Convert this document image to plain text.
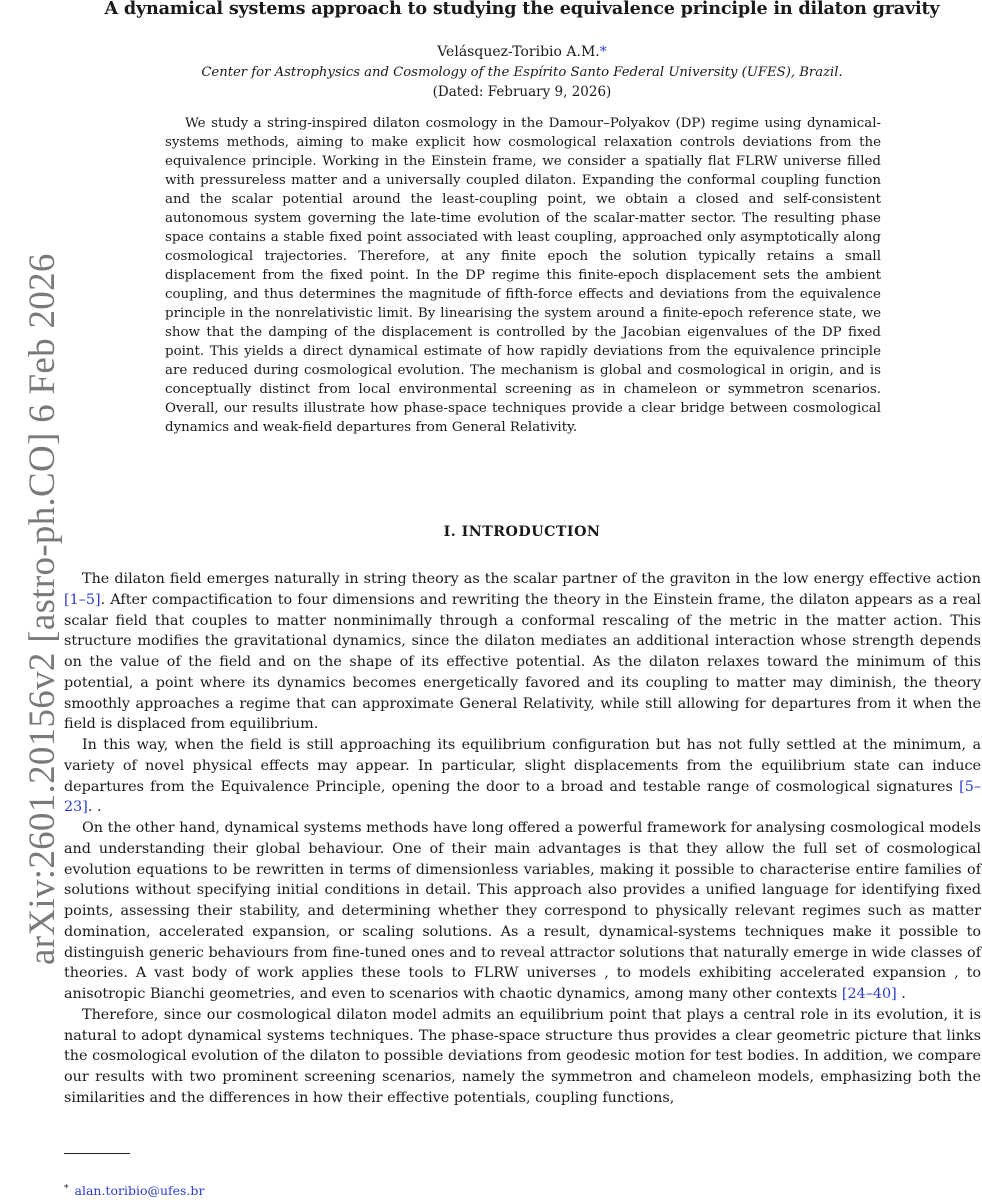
arXiv:2601.20156v2 [astro-ph.CO] 6 Feb 2026
A dynamical systems approach to studying the equivalence principle in dilaton gravity
Velásquez-Toribio A.M.*
Center for Astrophysics and Cosmology of the Espírito Santo Federal University (UFES), Brazil.
(Dated: February 9, 2026)

We study a string-inspired dilaton cosmology in the Damour–Polyakov (DP) regime using dynamical-systems methods, aiming to make explicit how cosmological relaxation controls deviations from the equivalence principle. Working in the Einstein frame, we consider a spatially flat FLRW universe filled with pressureless matter and a universally coupled dilaton. Expanding the conformal coupling function and the scalar potential around the least-coupling point, we obtain a closed and self-consistent autonomous system governing the late-time evolution of the scalar-matter sector. The resulting phase space contains a stable fixed point associated with least coupling, approached only asymptotically along cosmological trajectories. Therefore, at any finite epoch the solution typically retains a small displacement from the fixed point. In the DP regime this finite-epoch displacement sets the ambient coupling, and thus determines the magnitude of fifth-force effects and deviations from the equivalence principle in the nonrelativistic limit. By linearising the system around a finite-epoch reference state, we show that the damping of the displacement is controlled by the Jacobian eigenvalues of the DP fixed point. This yields a direct dynamical estimate of how rapidly deviations from the equivalence principle are reduced during cosmological evolution. The mechanism is global and cosmological in origin, and is conceptually distinct from local environmental screening as in chameleon or symmetron scenarios. Overall, our results illustrate how phase-space techniques provide a clear bridge between cosmological dynamics and weak-field departures from General Relativity.

I. INTRODUCTION

The dilaton field emerges naturally in string theory as the scalar partner of the graviton in the low energy effective action [1–5]. After compactification to four dimensions and rewriting the theory in the Einstein frame, the dilaton appears as a real scalar field that couples to matter nonminimally through a conformal rescaling of the metric in the matter action. This structure modifies the gravitational dynamics, since the dilaton mediates an additional interaction whose strength depends on the value of the field and on the shape of its effective potential. As the dilaton relaxes toward the minimum of this potential, a point where its dynamics becomes energetically favored and its coupling to matter may diminish, the theory smoothly approaches a regime that can approximate General Relativity, while still allowing for departures from it when the field is displaced from equilibrium.

In this way, when the field is still approaching its equilibrium configuration but has not fully settled at the minimum, a variety of novel physical effects may appear. In particular, slight displacements from the equilibrium state can induce departures from the Equivalence Principle, opening the door to a broad and testable range of cosmological signatures [5–23]. .

On the other hand, dynamical systems methods have long offered a powerful framework for analysing cosmological models and understanding their global behaviour. One of their main advantages is that they allow the full set of cosmological evolution equations to be rewritten in terms of dimensionless variables, making it possible to characterise entire families of solutions without specifying initial conditions in detail. This approach also provides a unified language for identifying fixed points, assessing their stability, and determining whether they correspond to physically relevant regimes such as matter domination, accelerated expansion, or scaling solutions. As a result, dynamical-systems techniques make it possible to distinguish generic behaviours from fine-tuned ones and to reveal attractor solutions that naturally emerge in wide classes of theories. A vast body of work applies these tools to FLRW universes , to models exhibiting accelerated expansion , to anisotropic Bianchi geometries, and even to scenarios with chaotic dynamics, among many other contexts [24–40] .

Therefore, since our cosmological dilaton model admits an equilibrium point that plays a central role in its evolution, it is natural to adopt dynamical systems techniques. The phase-space structure thus provides a clear geometric picture that links the cosmological evolution of the dilaton to possible deviations from geodesic motion for test bodies. In addition, we compare our results with two prominent screening scenarios, namely the symmetron and chameleon models, emphasizing both the similarities and the differences in how their effective potentials, coupling functions,

* alan.toribio@ufes.br
